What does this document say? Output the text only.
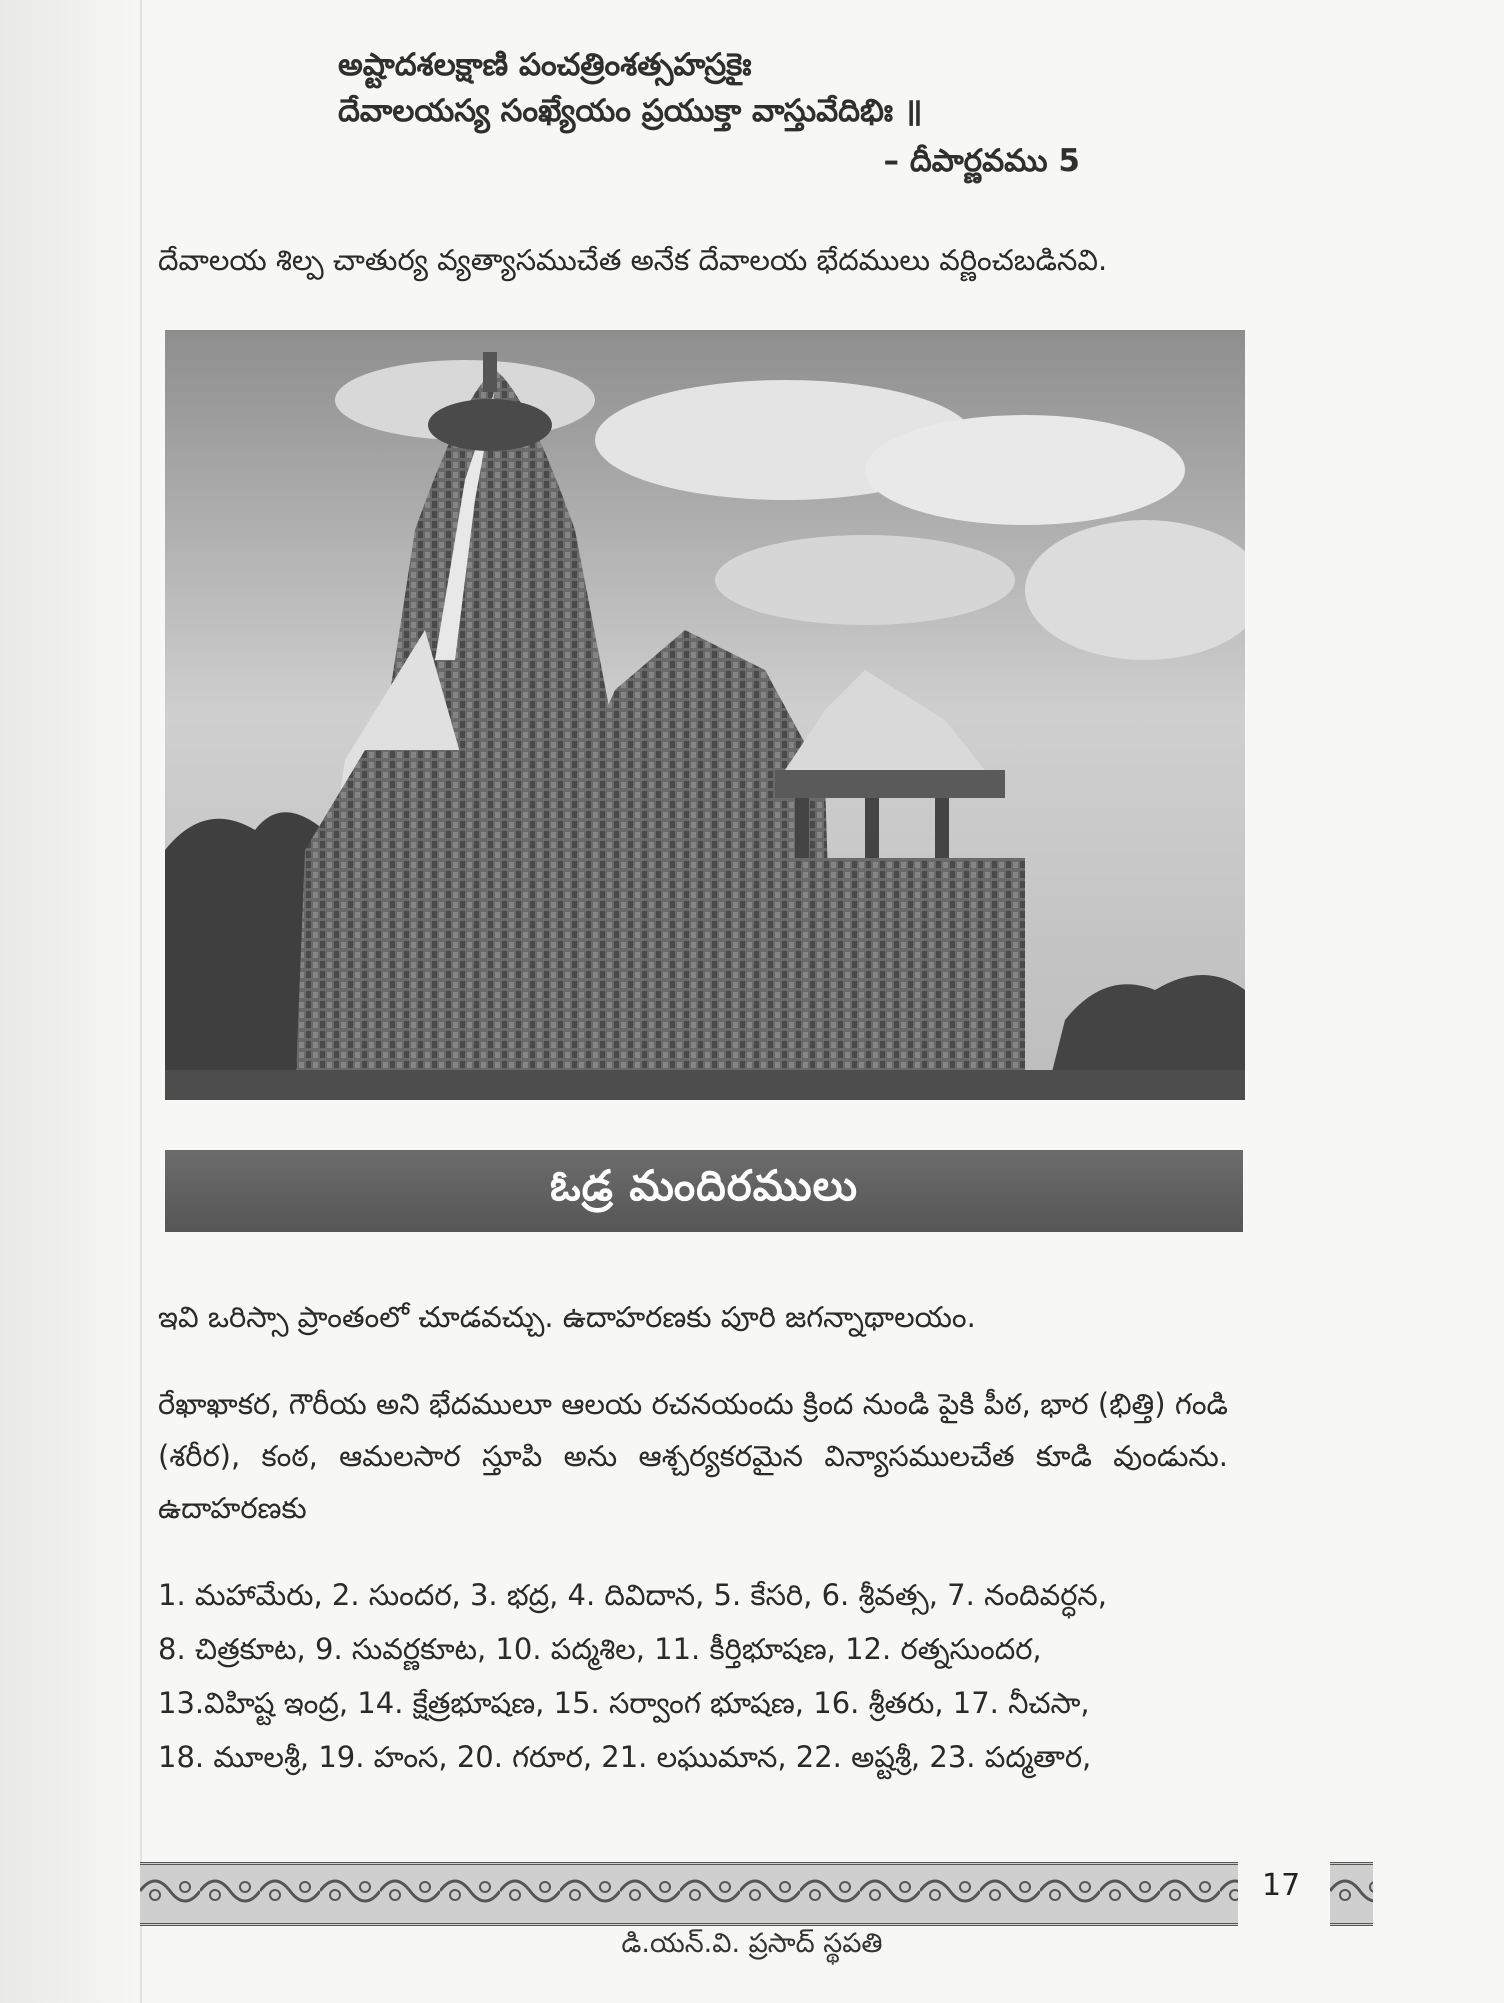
అష్టాదశలక్షాణి పంచత్రింశత్సహస్రకైః
దేవాలయస్య సంఖ్యేయం ప్రయుక్తా వాస్తువేదిభిః ॥
– దీపార్ణవము 5
దేవాలయ శిల్ప చాతుర్య వ్యత్యాసముచేత అనేక దేవాలయ భేదములు వర్ణించబడినవి.
ఓడ్ర మందిరములు
ఇవి ఒరిస్సా ప్రాంతంలో చూడవచ్చు. ఉదాహరణకు పూరి జగన్నాథాలయం.
రేఖాఖాకర, గౌరీయ అని భేదములూ ఆలయ రచనయందు క్రింద నుండి పైకి పీఠ, భార (భిత్తి) గండి (శరీర), కంఠ, ఆమలసార స్తూపి అను ఆశ్చర్యకరమైన విన్యాసములచేత కూడి వుండును. ఉదాహరణకు
1. మహామేరు, 2. సుందర, 3. భద్ర, 4. దివిదాన, 5. కేసరి, 6. శ్రీవత్స, 7. నందివర్ధన,
8. చిత్రకూట, 9. సువర్ణకూట, 10. పద్మశిల, 11. కీర్తిభూషణ, 12. రత్నసుందర,
13.విహిష్ట ఇంద్ర, 14. క్షేత్రభూషణ, 15. సర్వాంగ భూషణ, 16. శ్రీతరు, 17. నీచసా,
18. మూలశ్రీ, 19. హంస, 20. గరూర, 21. లఘుమాన, 22. అష్టశ్రీ, 23. పద్మతార,
17
డి.యన్.వి. ప్రసాద్ స్థపతి
